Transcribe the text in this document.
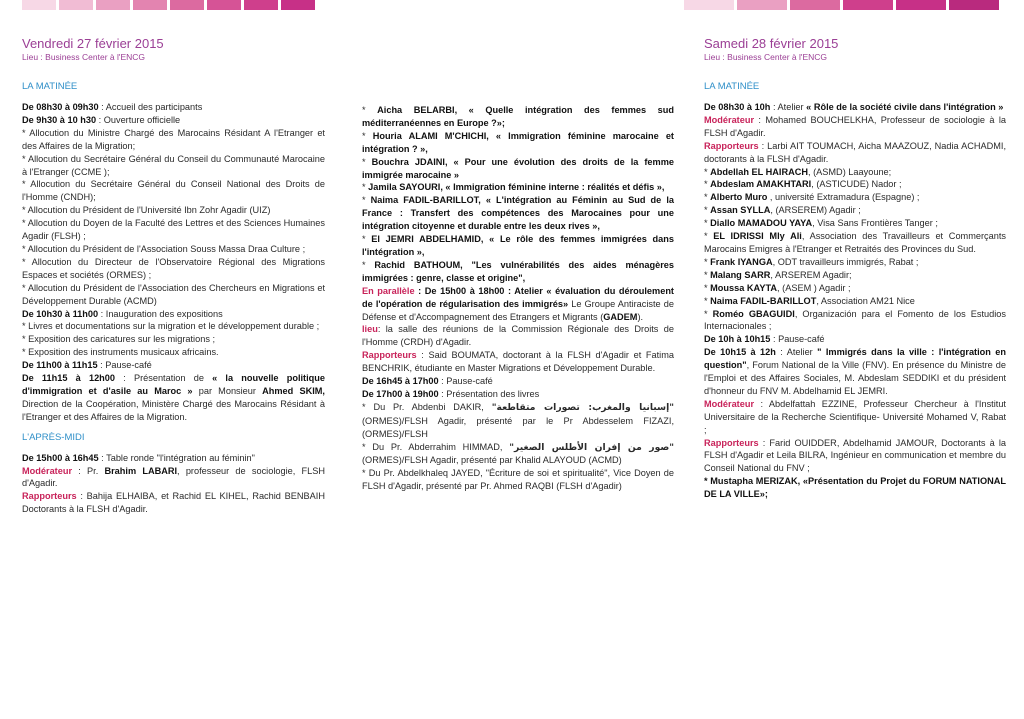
Vendredi 27 février 2015
Lieu : Business Center à l'ENCG
LA MATINÉE

De 08h30 à 09h30 : Accueil des participants

De 9h30 à 10 h30 : Ouverture officielle

* Allocution du Ministre Chargé des Marocains Résidant A l'Etranger et des Affaires de la Migration;

* Allocution du Secrétaire Général du Conseil du Communauté Marocaine à l'Etranger (CCME );

* Allocution du Secrétaire Général du Conseil National des Droits de l'Homme (CNDH);

* Allocution du Président de l'Université Ibn Zohr Agadir (UIZ)

* Allocution du Doyen de la Faculté des Lettres et des Sciences Humaines Agadir (FLSH) ;

* Allocution du Président de l'Association Souss Massa Draa Culture ;

* Allocution du Directeur de l'Observatoire Régional des Migrations Espaces et sociétés (ORMES) ;

* Allocution du Président de l'Association des Chercheurs en Migrations et Développement Durable (ACMD)

De 10h30 à 11h00 : Inauguration des expositions

* Livres et documentations sur la migration et le développement durable ;

* Exposition des caricatures sur les migrations ;

* Exposition des instruments musicaux africains.

De 11h00 à 11h15 : Pause-café

De 11h15 à 12h00 : Présentation de « la nouvelle politique d'immigration et d'asile au Maroc » par Monsieur Ahmed SKIM, Direction de la Coopération, Ministère Chargé des Marocains Résidant à l'Etranger et des Affaires de la Migration.

L'APRÈS-MIDI

De 15h00 à 16h45 : Table ronde "l'intégration au féminin"

Modérateur : Pr. Brahim LABARI, professeur de sociologie, FLSH d'Agadir.

Rapporteurs : Bahija ELHAIBA, et Rachid EL KIHEL, Rachid BENBAIH Doctorants à la FLSH d'Agadir.

* Aicha BELARBI, « Quelle intégration des femmes sud méditerranéennes en Europe ?»;

* Houria ALAMI M'CHICHI, « Immigration féminine marocaine et intégration ? »,

* Bouchra JDAINI, « Pour une évolution des droits de la femme immigrée marocaine »

* Jamila SAYOURI, « Immigration féminine interne : réalités et défis »,

* Naima FADIL-BARILLOT, « L'intégration au Féminin au Sud de la France : Transfert des compétences des Marocaines pour une intégration citoyenne et durable entre les deux rives »,

* El JEMRI ABDELHAMID, « Le rôle des femmes immigrées dans l'intégration »,

* Rachid BATHOUM, "Les vulnérabilités des aides ménagères immigrées : genre, classe et origine",

En parallèle : De 15h00 à 18h00 : Atelier « évaluation du déroulement de l'opération de régularisation des immigrés» Le Groupe Antiraciste de Défense et d'Accompagnement des Etrangers et Migrants (GADEM).

lieu: la salle des réunions de la Commission Régionale des Droits de l'Homme (CRDH) d'Agadir.

Rapporteurs : Said BOUMATA, doctorant à la FLSH d'Agadir et Fatima BENCHRIK, étudiante en Master Migrations et Développement Durable.

De 16h45 à 17h00 : Pause-café

De 17h00 à 19h00 : Présentation des livres

* Du Pr. Abdenbi DAKIR, "إسبانيا والمغرب: تصورات متقاطعة" (ORMES)/FLSH Agadir, présenté par le Pr Abdesselem FIZAZI, (ORMES)/FLSH

* Du Pr. Abderrahim HIMMAD, "صور من إفران الأطلس الصغير" (ORMES)/FLSH Agadir, présenté par Khalid ALAYOUD (ACMD)

* Du Pr. Abdelkhaleq JAYED, "Écriture de soi et spiritualité", Vice Doyen de FLSH d'Agadir, présenté par Pr. Ahmed RAQBI (FLSH d'Agadir)

Samedi 28 février 2015
Lieu : Business Center à l'ENCG
LA MATINÉE

De 08h30 à 10h : Atelier « Rôle de la société civile dans l'intégration »

Modérateur : Mohamed BOUCHELKHA, Professeur de sociologie à la FLSH d'Agadir.

Rapporteurs : Larbi AIT TOUMACH, Aicha MAAZOUZ, Nadia ACHADMI, doctorants à la FLSH d'Agadir.

* Abdellah EL HAIRACH, (ASMD) Laayoune;

* Abdeslam AMAKHTARI, (ASTICUDE) Nador ;

* Alberto Muro , université Extramadura (Espagne) ;

* Assan SYLLA, (ARSEREM) Agadir ;

* Diallo MAMADOU YAYA, Visa Sans Frontières Tanger ;

* EL IDRISSI Mly Ali, Association des Travailleurs et Commerçants Marocains Emigres à l'Etranger et Retraités des Provinces du Sud.

* Frank IYANGA, ODT travailleurs immigrés, Rabat ;

* Malang SARR, ARSEREM Agadir;

* Moussa KAYTA, (ASEM ) Agadir ;

* Naima FADIL-BARILLOT, Association AM21 Nice

* Roméo GBAGUIDI, Organización para el Fomento de los Estudios Internacionales ;

De 10h à 10h15 : Pause-café

De 10h15 à 12h : Atelier " Immigrés dans la ville : l'intégration en question", Forum National de la Ville (FNV). En présence du Ministre de l'Emploi et des Affaires Sociales, M. Abdeslam SEDDIKI et du président d'honneur du FNV M. Abdelhamid EL JEMRI.

Modérateur : Abdelfattah EZZINE, Professeur Chercheur à l'Institut Universitaire de la Recherche Scientifique- Université Mohamed V, Rabat ;

Rapporteurs : Farid OUIDDER, Abdelhamid JAMOUR, Doctorants à la FLSH d'Agadir et Leila BILRA, Ingénieur en communication et membre du Conseil National du FNV ;

* Mustapha MERIZAK, «Présentation du Projet du FORUM NATIONAL DE LA VILLE»;
